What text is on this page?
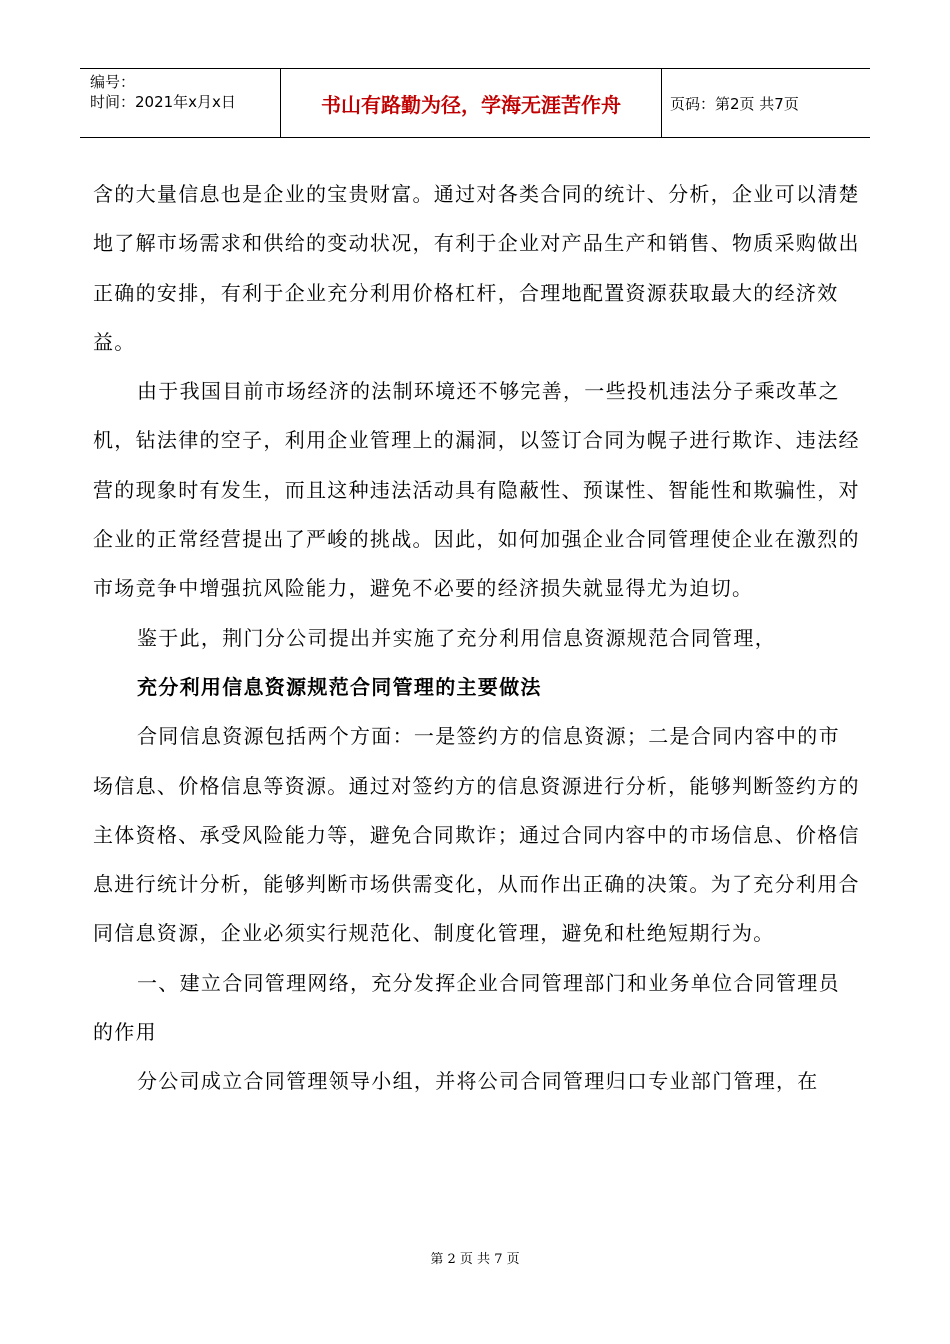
编号：
时间：2021年x月x日	书山有路勤为径，学海无涯苦作舟	页码：第2页 共7页

含的大量信息也是企业的宝贵财富。通过对各类合同的统计、分析，企业可以清楚地了解市场需求和供给的变动状况，有利于企业对产品生产和销售、物质采购做出正确的安排，有利于企业充分利用价格杠杆，合理地配置资源获取最大的经济效益。

由于我国目前市场经济的法制环境还不够完善，一些投机违法分子乘改革之机，钻法律的空子，利用企业管理上的漏洞，以签订合同为幌子进行欺诈、违法经营的现象时有发生，而且这种违法活动具有隐蔽性、预谋性、智能性和欺骗性，对企业的正常经营提出了严峻的挑战。因此，如何加强企业合同管理使企业在激烈的市场竞争中增强抗风险能力，避免不必要的经济损失就显得尤为迫切。

鉴于此，荆门分公司提出并实施了充分利用信息资源规范合同管理，

充分利用信息资源规范合同管理的主要做法

合同信息资源包括两个方面：一是签约方的信息资源；二是合同内容中的市场信息、价格信息等资源。通过对签约方的信息资源进行分析，能够判断签约方的主体资格、承受风险能力等，避免合同欺诈；通过合同内容中的市场信息、价格信息进行统计分析，能够判断市场供需变化，从而作出正确的决策。为了充分利用合同信息资源，企业必须实行规范化、制度化管理，避免和杜绝短期行为。

一、建立合同管理网络，充分发挥企业合同管理部门和业务单位合同管理员的作用

分公司成立合同管理领导小组，并将公司合同管理归口专业部门管理，在

第 2 页 共 7 页
